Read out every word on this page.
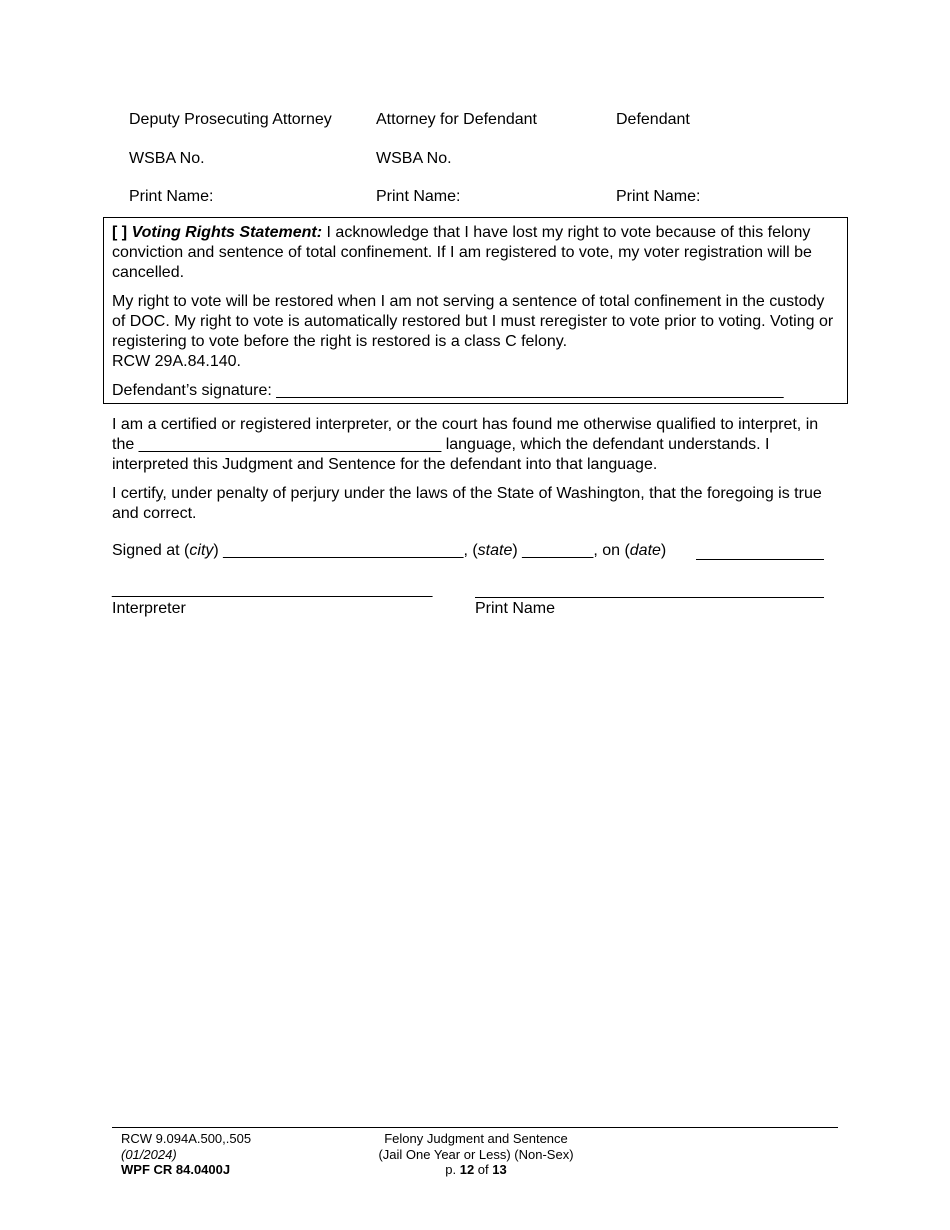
Deputy Prosecuting Attorney	Attorney for Defendant	Defendant
WSBA No.	WSBA No.
Print Name:	Print Name:	Print Name:

[ ] Voting Rights Statement: I acknowledge that I have lost my right to vote because of this felony conviction and sentence of total confinement. If I am registered to vote, my voter registration will be cancelled.

My right to vote will be restored when I am not serving a sentence of total confinement in the custody of DOC. My right to vote is automatically restored but I must reregister to vote prior to voting. Voting or registering to vote before the right is restored is a class C felony.
RCW 29A.84.140.

Defendant’s signature: _________________________________________________________

I am a certified or registered interpreter, or the court has found me otherwise qualified to interpret, in the __________________________________ language, which the defendant understands. I interpreted this Judgment and Sentence for the defendant into that language.

I certify, under penalty of perjury under the laws of the State of Washington, that the foregoing is true and correct.

Signed at (city) ___________________________, (state) ________, on (date)
____________________________________
Interpreter	Print Name
RCW 9.094A.500,.505
(01/2024)
WPF CR 84.0400J
Felony Judgment and Sentence
(Jail One Year or Less) (Non-Sex)
p. 12 of 13
